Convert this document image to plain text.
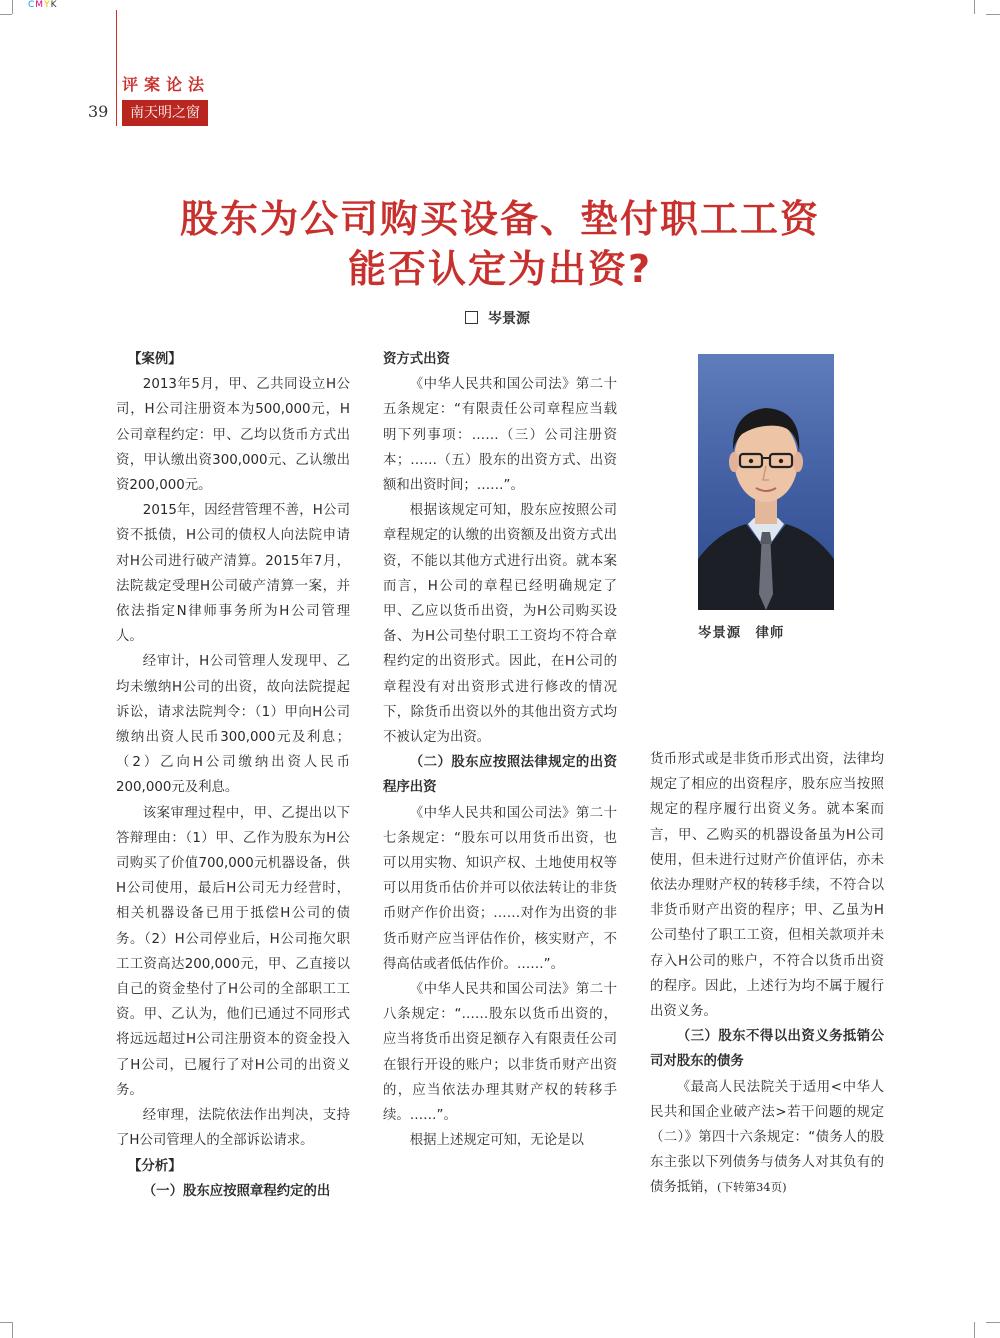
CMYK
评案论法
39	南天明之窗
股东为公司购买设备、垫付职工工资
能否认定为出资?
岑景源

【案例】

2013年5月，甲、乙共同设立H公司，H公司注册资本为500,000元，H公司章程约定：甲、乙均以货币方式出资，甲认缴出资300,000元、乙认缴出资200,000元。

2015年，因经营管理不善，H公司资不抵债，H公司的债权人向法院申请对H公司进行破产清算。2015年7月，法院裁定受理H公司破产清算一案，并依法指定N律师事务所为H公司管理人。

经审计，H公司管理人发现甲、乙均未缴纳H公司的出资，故向法院提起诉讼，请求法院判令：（1）甲向H公司缴纳出资人民币300,000元及利息；（2）乙向H公司缴纳出资人民币200,000元及利息。

该案审理过程中，甲、乙提出以下答辩理由：（1）甲、乙作为股东为H公司购买了价值700,000元机器设备，供H公司使用，最后H公司无力经营时，相关机器设备已用于抵偿H公司的债务。（2）H公司停业后，H公司拖欠职工工资高达200,000元，甲、乙直接以自己的资金垫付了H公司的全部职工工资。甲、乙认为，他们已通过不同形式将远远超过H公司注册资本的资金投入了H公司，已履行了对H公司的出资义务。

经审理，法院依法作出判决，支持了H公司管理人的全部诉讼请求。

【分析】

（一）股东应按照章程约定的出

资方式出资

《中华人民共和国公司法》第二十五条规定：“有限责任公司章程应当载明下列事项：……（三）公司注册资本；……（五）股东的出资方式、出资额和出资时间；……”。

根据该规定可知，股东应按照公司章程规定的认缴的出资额及出资方式出资，不能以其他方式进行出资。就本案而言，H公司的章程已经明确规定了甲、乙应以货币出资，为H公司购买设备、为H公司垫付职工工资均不符合章程约定的出资形式。因此，在H公司的章程没有对出资形式进行修改的情况下，除货币出资以外的其他出资方式均不被认定为出资。

（二）股东应按照法律规定的出资程序出资

《中华人民共和国公司法》第二十七条规定：“股东可以用货币出资，也可以用实物、知识产权、土地使用权等可以用货币估价并可以依法转让的非货币财产作价出资；……对作为出资的非货币财产应当评估作价，核实财产，不得高估或者低估作价。……”。

《中华人民共和国公司法》第二十八条规定：“……股东以货币出资的，应当将货币出资足额存入有限责任公司在银行开设的账户；以非货币财产出资的，应当依法办理其财产权的转移手续。……”。

根据上述规定可知，无论是以

岑景源　律师

货币形式或是非货币形式出资，法律均规定了相应的出资程序，股东应当按照规定的程序履行出资义务。就本案而言，甲、乙购买的机器设备虽为H公司使用，但未进行过财产价值评估，亦未依法办理财产权的转移手续，不符合以非货币财产出资的程序；甲、乙虽为H公司垫付了职工工资，但相关款项并未存入H公司的账户，不符合以货币出资的程序。因此，上述行为均不属于履行出资义务。

（三）股东不得以出资义务抵销公司对股东的债务

《最高人民法院关于适用<中华人民共和国企业破产法>若干问题的规定（二）》第四十六条规定：“债务人的股东主张以下列债务与债务人对其负有的债务抵销，(下转第34页)
